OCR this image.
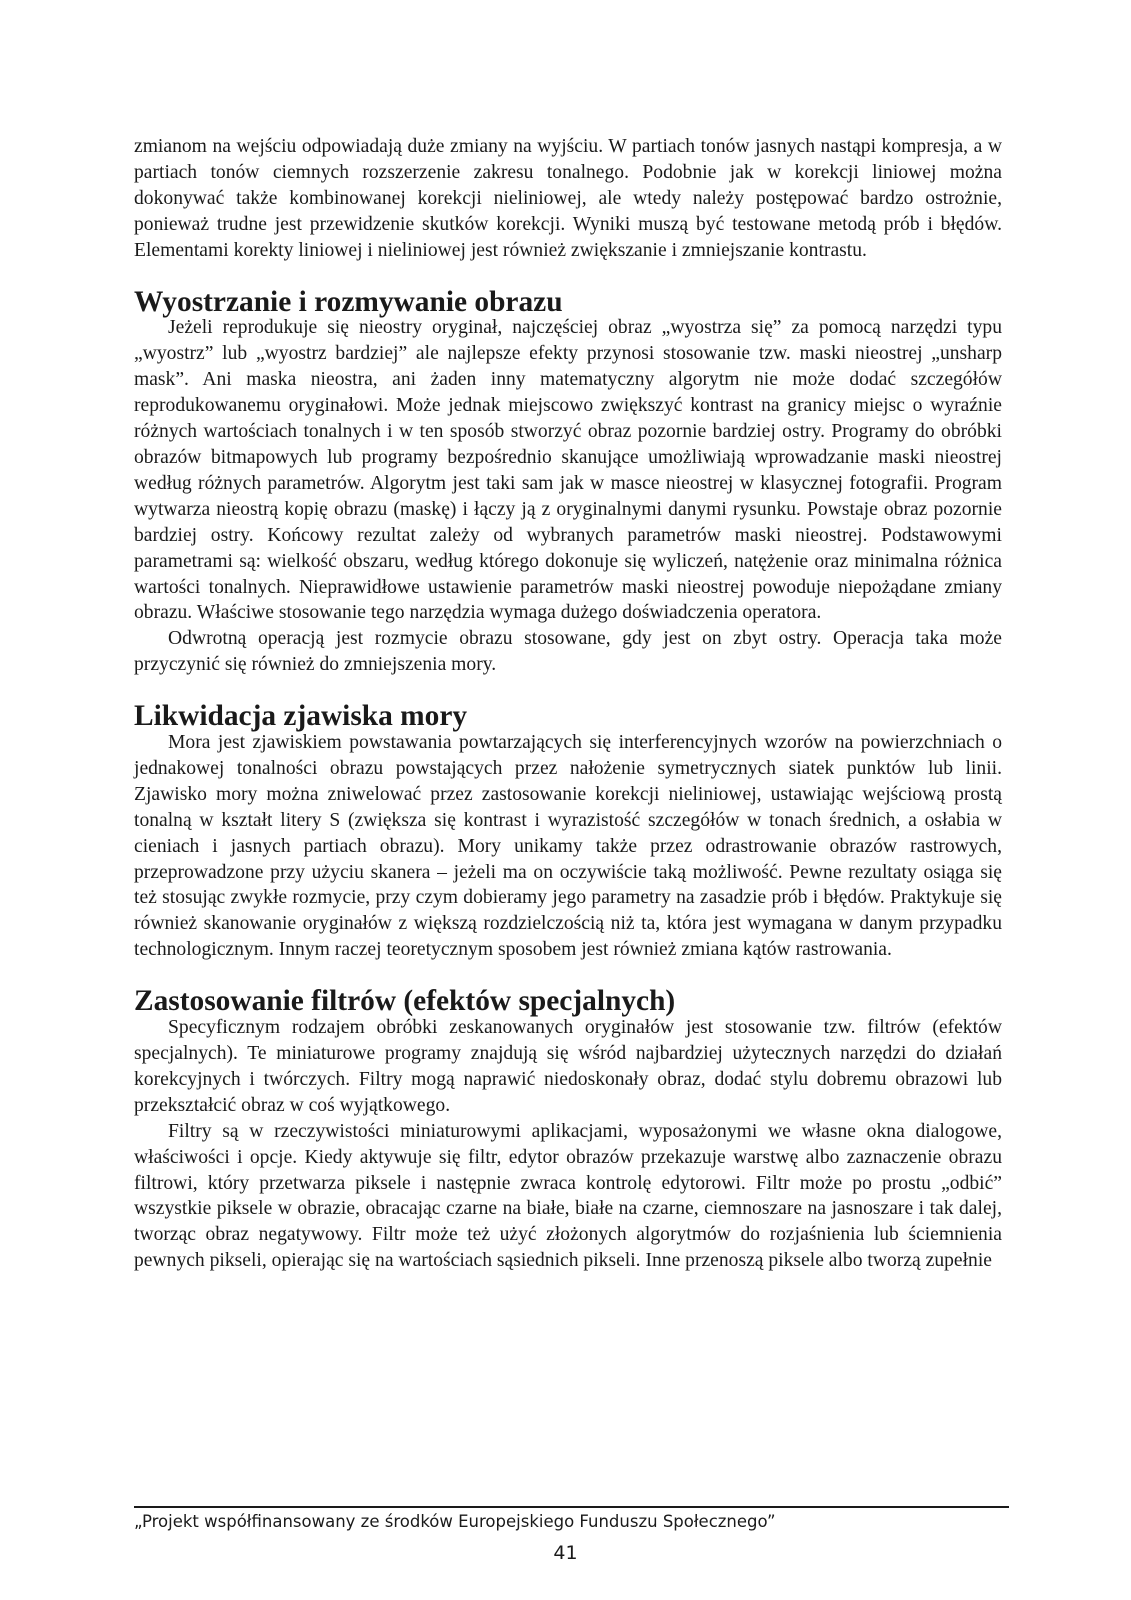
zmianom na wejściu odpowiadają duże zmiany na wyjściu. W partiach tonów jasnych nastąpi kompresja, a w partiach tonów ciemnych rozszerzenie zakresu tonalnego. Podobnie jak w korekcji liniowej można dokonywać także kombinowanej korekcji nieliniowej, ale wtedy należy postępować bardzo ostrożnie, ponieważ trudne jest przewidzenie skutków korekcji. Wyniki muszą być testowane metodą prób i błędów. Elementami korekty liniowej i nieliniowej jest również zwiększanie i zmniejszanie kontrastu.

Wyostrzanie i rozmywanie obrazu

Jeżeli reprodukuje się nieostry oryginał, najczęściej obraz „wyostrza się” za pomocą narzędzi typu „wyostrz” lub „wyostrz bardziej” ale najlepsze efekty przynosi stosowanie tzw. maski nieostrej „unsharp mask”. Ani maska nieostra, ani żaden inny matematyczny algorytm nie może dodać szczegółów reprodukowanemu oryginałowi. Może jednak miejscowo zwiększyć kontrast na granicy miejsc o wyraźnie różnych wartościach tonalnych i w ten sposób stworzyć obraz pozornie bardziej ostry. Programy do obróbki obrazów bitmapowych lub programy bezpośrednio skanujące umożliwiają wprowadzanie maski nieostrej według różnych parametrów. Algorytm jest taki sam jak w masce nieostrej w klasycznej fotografii. Program wytwarza nieostrą kopię obrazu (maskę) i łączy ją z oryginalnymi danymi rysunku. Powstaje obraz pozornie bardziej ostry. Końcowy rezultat zależy od wybranych parametrów maski nieostrej. Podstawowymi parametrami są: wielkość obszaru, według którego dokonuje się wyliczeń, natężenie oraz minimalna różnica wartości tonalnych. Nieprawidłowe ustawienie parametrów maski nieostrej powoduje niepożądane zmiany obrazu. Właściwe stosowanie tego narzędzia wymaga dużego doświadczenia operatora.

Odwrotną operacją jest rozmycie obrazu stosowane, gdy jest on zbyt ostry. Operacja taka może przyczynić się również do zmniejszenia mory.

Likwidacja zjawiska mory

Mora jest zjawiskiem powstawania powtarzających się interferencyjnych wzorów na powierzchniach o jednakowej tonalności obrazu powstających przez nałożenie symetrycznych siatek punktów lub linii. Zjawisko mory można zniwelować przez zastosowanie korekcji nieliniowej, ustawiając wejściową prostą tonalną w kształt litery S (zwiększa się kontrast i wyrazistość szczegółów w tonach średnich, a osłabia w cieniach i jasnych partiach obrazu). Mory unikamy także przez odrastrowanie obrazów rastrowych, przeprowadzone przy użyciu skanera – jeżeli ma on oczywiście taką możliwość. Pewne rezultaty osiąga się też stosując zwykłe rozmycie, przy czym dobieramy jego parametry na zasadzie prób i błędów. Praktykuje się również skanowanie oryginałów z większą rozdzielczością niż ta, która jest wymagana w danym przypadku technologicznym. Innym raczej teoretycznym sposobem jest również zmiana kątów rastrowania.

Zastosowanie filtrów (efektów specjalnych)

Specyficznym rodzajem obróbki zeskanowanych oryginałów jest stosowanie tzw. filtrów (efektów specjalnych). Te miniaturowe programy znajdują się wśród najbardziej użytecznych narzędzi do działań korekcyjnych i twórczych. Filtry mogą naprawić niedoskonały obraz, dodać stylu dobremu obrazowi lub przekształcić obraz w coś wyjątkowego.

Filtry są w rzeczywistości miniaturowymi aplikacjami, wyposażonymi we własne okna dialogowe, właściwości i opcje. Kiedy aktywuje się filtr, edytor obrazów przekazuje warstwę albo zaznaczenie obrazu filtrowi, który przetwarza piksele i następnie zwraca kontrolę edytorowi. Filtr może po prostu „odbić” wszystkie piksele w obrazie, obracając czarne na białe, białe na czarne, ciemnoszare na jasnoszare i tak dalej, tworząc obraz negatywowy. Filtr może też użyć złożonych algorytmów do rozjaśnienia lub ściemnienia pewnych pikseli, opierając się na wartościach sąsiednich pikseli. Inne przenoszą piksele albo tworzą zupełnie

„Projekt współfinansowany ze środków Europejskiego Funduszu Społecznego”
41
